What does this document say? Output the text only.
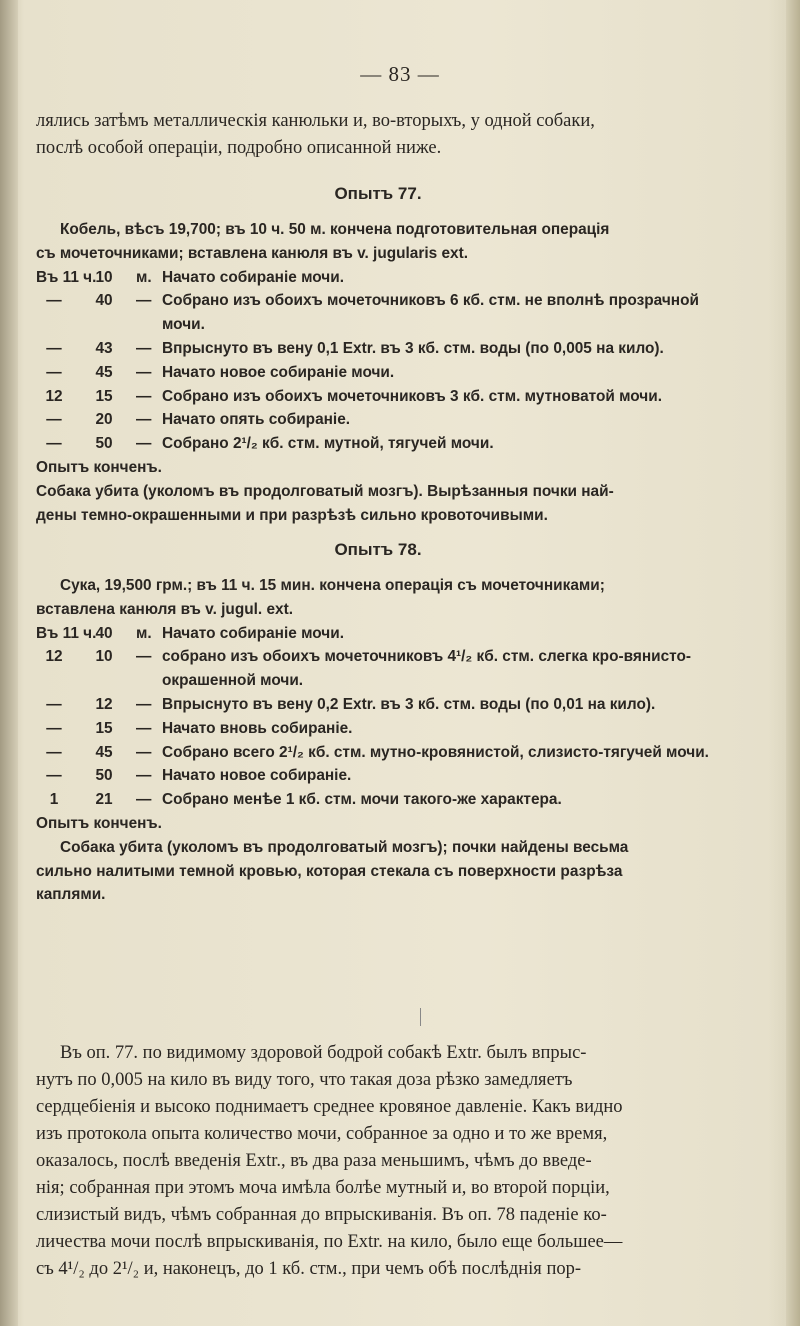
— 83 —
лялись затѣмъ металлическія канюльки и, во-вторыхъ, у одной собаки,
послѣ особой операціи, подробно описанной ниже.
Опытъ 77.
Кобель, вѣсъ 19,700; въ 10 ч. 50 м. кончена подготовительная операція
съ мочеточниками; вставлена канюля въ v. jugularis ext.
Въ 11 ч. 10	м. Начато собираніе мочи.
—	40	— Собрано изъ обоихъ мочеточниковъ 6 кб. стм. не вполнѣ прозрачной мочи.
—	43	— Впрыснуто въ вену 0,1 Extr. въ 3 кб. стм. воды (по 0,005 на кило).
—	45	— Начато новое собираніе мочи.
12	15	— Собрано изъ обоихъ мочеточниковъ 3 кб. стм. мутноватой мочи.
—	20	— Начато опять собираніе.
—	50	— Собрано 2¹/₂ кб. стм. мутной, тягучей мочи.
Опытъ конченъ.
Собака убита (уколомъ въ продолговатый мозгъ). Вырѣзанныя почки най-
дены темно-окрашенными и при разрѣзѣ сильно кровоточивыми.
Опытъ 78.
Сука, 19,500 грм.; въ 11 ч. 15 мин. кончена операція съ мочеточниками;
вставлена канюля въ v. jugul. ext.
Въ 11 ч. 40	м. Начато собираніе мочи.
12	10	— собрано изъ обоихъ мочеточниковъ 4¹/₂ кб. стм. слегка кро-вянисто-окрашенной мочи.
—	12	— Впрыснуто въ вену 0,2 Extr. въ 3 кб. стм. воды (по 0,01 на кило).
—	15	— Начато вновь собираніе.
—	45	— Собрано всего 2¹/₂ кб. стм. мутно-кровянистой, слизисто-тягучей мочи.
—	50	— Начато новое собираніе.
1	21	— Собрано менѣе 1 кб. стм. мочи такого-же характера.
Опытъ конченъ.
Собака убита (уколомъ въ продолговатый мозгъ); почки найдены весьма
сильно налитыми темной кровью, которая стекала съ поверхности разрѣза
каплями.
Въ оп. 77. по видимому здоровой бодрой собакѣ Extr. былъ впрыс-
нутъ по 0,005 на кило въ виду того, что такая доза рѣзко замедляетъ
сердцебіенія и высоко поднимаетъ среднее кровяное давленіе. Какъ видно
изъ протокола опыта количество мочи, собранное за одно и то же время,
оказалось, послѣ введенія Extr., въ два раза меньшимъ, чѣмъ до введе-
нія; собранная при этомъ моча имѣла болѣе мутный и, во второй порціи,
слизистый видъ, чѣмъ собранная до впрыскиванія. Въ оп. 78 паденіе ко-
личества мочи послѣ впрыскиванія, по Extr. на кило, было еще большее—
съ 4¹/₂ до 2¹/₂ и, наконецъ, до 1 кб. стм., при чемъ обѣ послѣднія пор-
